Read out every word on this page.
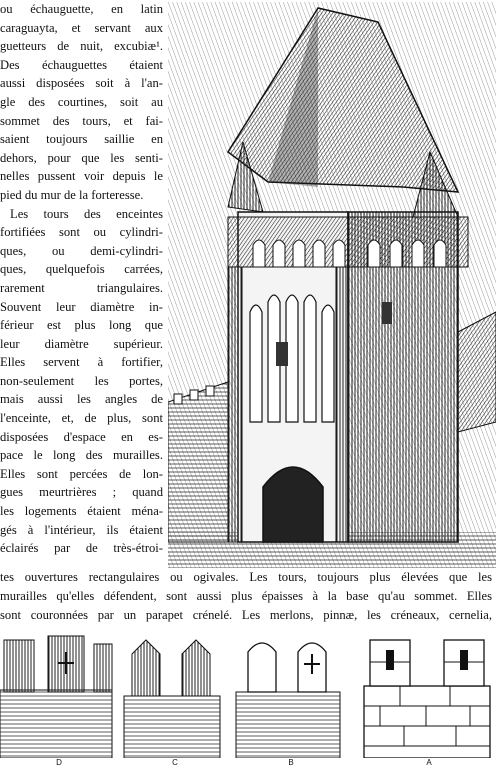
ou échauguette, en latin
caraguayta, et servant aux
guetteurs de nuit, excubiæ¹.
Des échauguettes étaient
aussi disposées soit à l'an-
gle des courtines, soit au
sommet des tours, et fai-
saient toujours saillie en
dehors, pour que les senti-
nelles pussent voir depuis le
pied du mur de la forteresse.
Les tours des enceintes
fortifiées sont ou cylindri-
ques, ou demi-cylindri-
ques, quelquefois carrées,
rarement triangulaires.
Souvent leur diamètre in-
férieur est plus long que
leur diamètre supérieur.
Elles servent à fortifier,
non-seulement les portes,
mais aussi les angles de
l'enceinte, et, de plus, sont
disposées d'espace en es-
pace le long des murailles.
Elles sont percées de lon-
gues meurtrières ; quand
les logements étaient ména-
gés à l'intérieur, ils étaient
éclairés par de très-étroi-
tes ouvertures rectangulaires ou ogivales. Les tours, toujours plus élevées que les
murailles qu'elles défendent, sont aussi plus épaisses à la base qu'au sommet. Elles
sont couronnées par un parapet crénelé. Les merlons, pinnæ, les créneaux, cernelia,
D	C	B	A
